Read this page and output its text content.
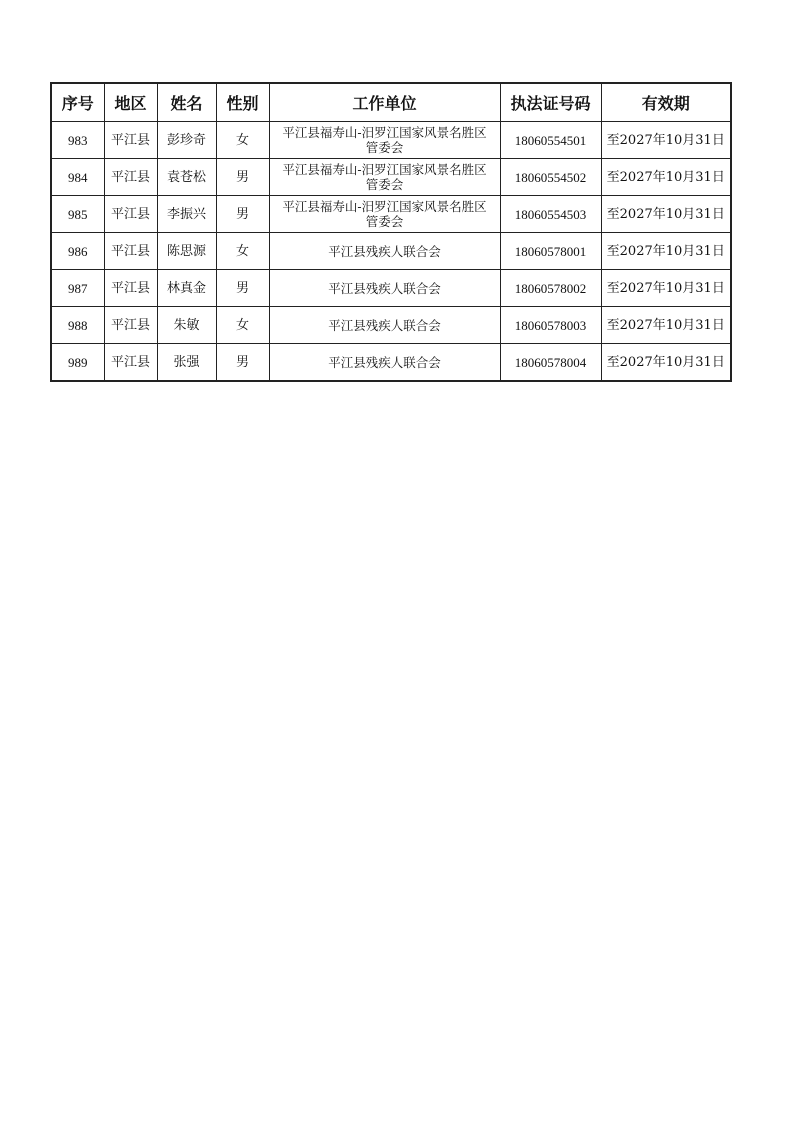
序号	地区	姓名	性别	工作单位	执法证号码	有效期
983	平江县	彭珍奇	女	平江县福寿山-汨罗江国家风景名胜区
管委会	18060554501	至2027年10月31日
984	平江县	袁苍松	男	平江县福寿山-汨罗江国家风景名胜区
管委会	18060554502	至2027年10月31日
985	平江县	李振兴	男	平江县福寿山-汨罗江国家风景名胜区
管委会	18060554503	至2027年10月31日
986	平江县	陈思源	女	平江县残疾人联合会	18060578001	至2027年10月31日
987	平江县	林真金	男	平江县残疾人联合会	18060578002	至2027年10月31日
988	平江县	朱敏	女	平江县残疾人联合会	18060578003	至2027年10月31日
989	平江县	张强	男	平江县残疾人联合会	18060578004	至2027年10月31日
